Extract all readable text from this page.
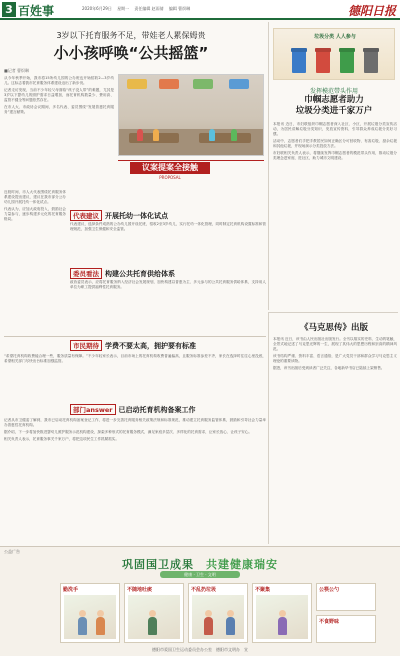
3 百姓事	2020年6月29日 　星期一 　责任编辑 赵雨倩 　编辑 曹炽琳	德阳日报
3岁以下托育服务不足，带娃老人累保姆贵
小小孩呼唤“公共摇篮”
■记者 曹炽琳

从今年秋季开始，我市将15所幼儿园的公办班也开始招收2—3岁幼儿。这标志着我市托育服务体系建设迈出了新步伐。

记者走访发现，当前不少年轻父母面临“孩子没人带”的难题，尤其是3岁以下婴幼儿的照护需求日益增加，而托育机构数量少、费用高、监管不健全等问题依然存在。

在市人大、市政协会议期间，多名代表、委员围绕“发展普惠托育服务”建言献策。

议案提案全接触
PROPOSAL

近段时间，市人大代表围绕托育服务体系建设提出建议，建议在我市部分公办幼儿园开展托幼一体化试点。

代表认为，应加大政府投入，鼓励社会力量参与，逐步构建多元化的托育服务格局。	代表建议 开展托幼一体化试点

代表建议，选择条件成熟的公办幼儿园开设托班，招收2至3岁幼儿，实行托幼一体化管理，同时制定托育机构设置标准和管理规范，加强卫生保健和安全监管。

委员看法 构建公共托育供给体系

政协委员表示，应将托育服务纳入经济社会发展规划，加快构建以普惠为主、多元参与的公共托育服务供给体系，支持用人单位为职工提供福利性托育服务。

市民期待 学费不要太高，拥护要有标准

“希望托育机构收费能合理一些，服务质量有保障。”不少年轻家长表示，目前市场上的托育机构收费普遍偏高，且服务标准参差不齐，家长在选择时往往心里没底，希望相关部门尽快出台标准加强监管。

部门answer 已启动托育机构备案工作

记者从市卫健委了解到，我市已启动托育机构备案登记工作，将进一步完善托育服务相关政策法规和标准规范，推动建立托育服务监管体系，鼓励和引导社会力量举办普惠性托育机构。

据介绍，下一步将加快推进婴幼儿照护服务示范机构建设，探索多种形式的托育服务模式，满足家庭多层次、多样化的托育需求，让家长放心、让孩子安心。

相关负责人表示，托育服务事关千家万户，将把这项民生工作抓紧抓实。

垃圾分类 人人参与
发挥模范带头作用
巾帼志愿者助力
垃圾分类进千家万户

本报讯 近日，市妇联组织巾帼志愿者深入社区、小区，开展垃圾分类宣传活动，为居民讲解垃圾分类知识，发放宣传资料，引导群众养成垃圾分类好习惯。

活动中，志愿者们手把手教居民如何正确区分可回收物、有害垃圾、厨余垃圾和其他垃圾，并现场演示分类投放方法。

市妇联相关负责人表示，将继续发挥巾帼志愿者的模范带头作用，推动垃圾分类理念进家庭、进社区，助力城市文明建设。

《马克思传》出版

本报讯 近日，该书由人民出版社出版发行。全书以翔实的史料、生动的笔触，全景式地记述了马克思光辉的一生，展现了其伟大的思想历程和崇高的精神风范。

该书结构严谨、资料丰富、语言通俗，是广大党员干部和群众学习马克思主义理论的重要读物。

据悉，该书出版后受到读者广泛关注，各地新华书店已陆续上架销售。

公益广告
巩固国卫成果　 共建健康瑞安
健康 · 卫生 · 文明
勤洗手	不随地吐痰	不乱扔垃圾	不聚集	公筷公勺
不食野味
德阳市爱国卫生运动委员会办公室　德阳市文明办　宣
